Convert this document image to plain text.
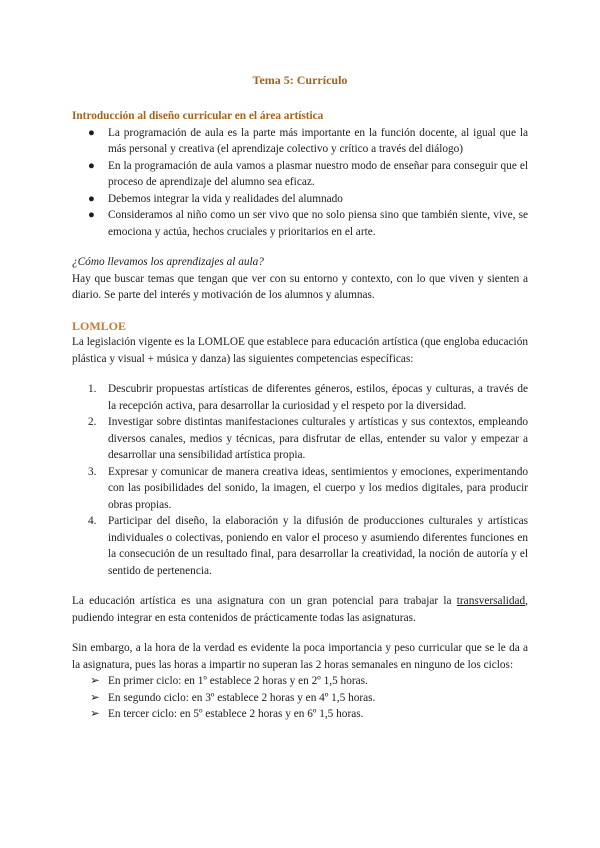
Tema 5: Currículo
Introducción al diseño curricular en el área artística
● La programación de aula es la parte más importante en la función docente, al igual que la más personal y creativa (el aprendizaje colectivo y crítico a través del diálogo)
● En la programación de aula vamos a plasmar nuestro modo de enseñar para conseguir que el proceso de aprendizaje del alumno sea eficaz.
● Debemos integrar la vida y realidades del alumnado
● Consideramos al niño como un ser vivo que no solo piensa sino que también siente, vive, se emociona y actúa, hechos cruciales y prioritarios en el arte.

¿Cómo llevamos los aprendizajes al aula?

Hay que buscar temas que tengan que ver con su entorno y contexto, con lo que viven y sienten a diario. Se parte del interés y motivación de los alumnos y alumnas.

LOMLOE

La legislación vigente es la LOMLOE que establece para educación artística (que engloba educación plástica y visual + música y danza) las siguientes competencias específicas:

1. Descubrir propuestas artísticas de diferentes géneros, estilos, épocas y culturas, a través de la recepción activa, para desarrollar la curiosidad y el respeto por la diversidad.
2. Investigar sobre distintas manifestaciones culturales y artísticas y sus contextos, empleando diversos canales, medios y técnicas, para disfrutar de ellas, entender su valor y empezar a desarrollar una sensibilidad artística propia.
3. Expresar y comunicar de manera creativa ideas, sentimientos y emociones, experimentando con las posibilidades del sonido, la imagen, el cuerpo y los medios digitales, para producir obras propias.
4. Participar del diseño, la elaboración y la difusión de producciones culturales y artísticas individuales o colectivas, poniendo en valor el proceso y asumiendo diferentes funciones en la consecución de un resultado final, para desarrollar la creatividad, la noción de autoría y el sentido de pertenencia.

La educación artística es una asignatura con un gran potencial para trabajar la transversalidad, pudiendo integrar en esta contenidos de prácticamente todas las asignaturas.

Sin embargo, a la hora de la verdad es evidente la poca importancia y peso curricular que se le da a la asignatura, pues las horas a impartir no superan las 2 horas semanales en ninguno de los ciclos:

➢ En primer ciclo: en 1º establece 2 horas y en 2º 1,5 horas.
➢ En segundo ciclo: en 3º establece 2 horas y en 4º 1,5 horas.
➢ En tercer ciclo: en 5º establece 2 horas y en 6º 1,5 horas.
